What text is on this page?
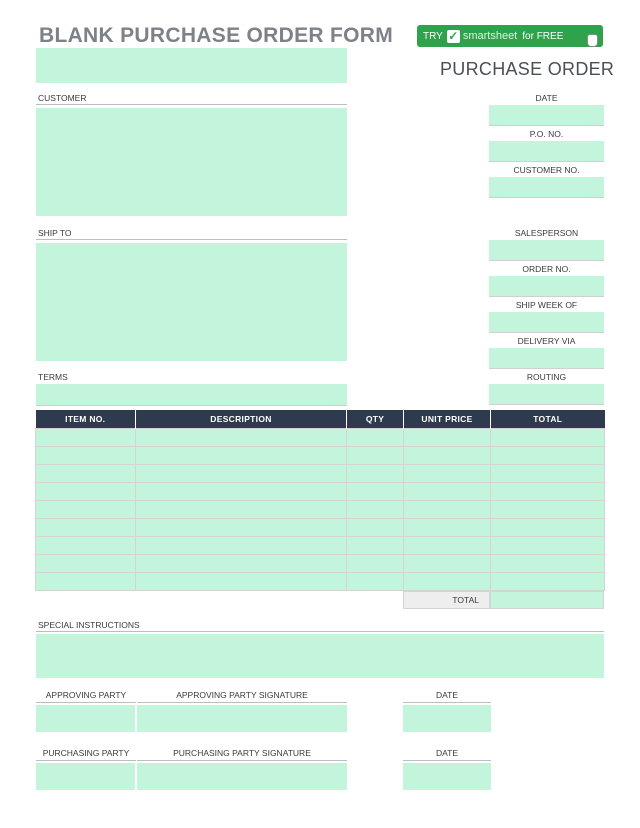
BLANK PURCHASE ORDER FORM	TRY ✓ smartsheet for FREE
PURCHASE ORDER
CUSTOMER
SHIP TO
TERMS
DATE
P.O. NO.
CUSTOMER NO.
SALESPERSON
ORDER NO.
SHIP WEEK OF
DELIVERY VIA
ROUTING
ITEM NO.	DESCRIPTION	QTY	UNIT PRICE	TOTAL

TOTAL
SPECIAL INSTRUCTIONS
APPROVING PARTY	APPROVING PARTY SIGNATURE	DATE
PURCHASING PARTY	PURCHASING PARTY SIGNATURE	DATE
